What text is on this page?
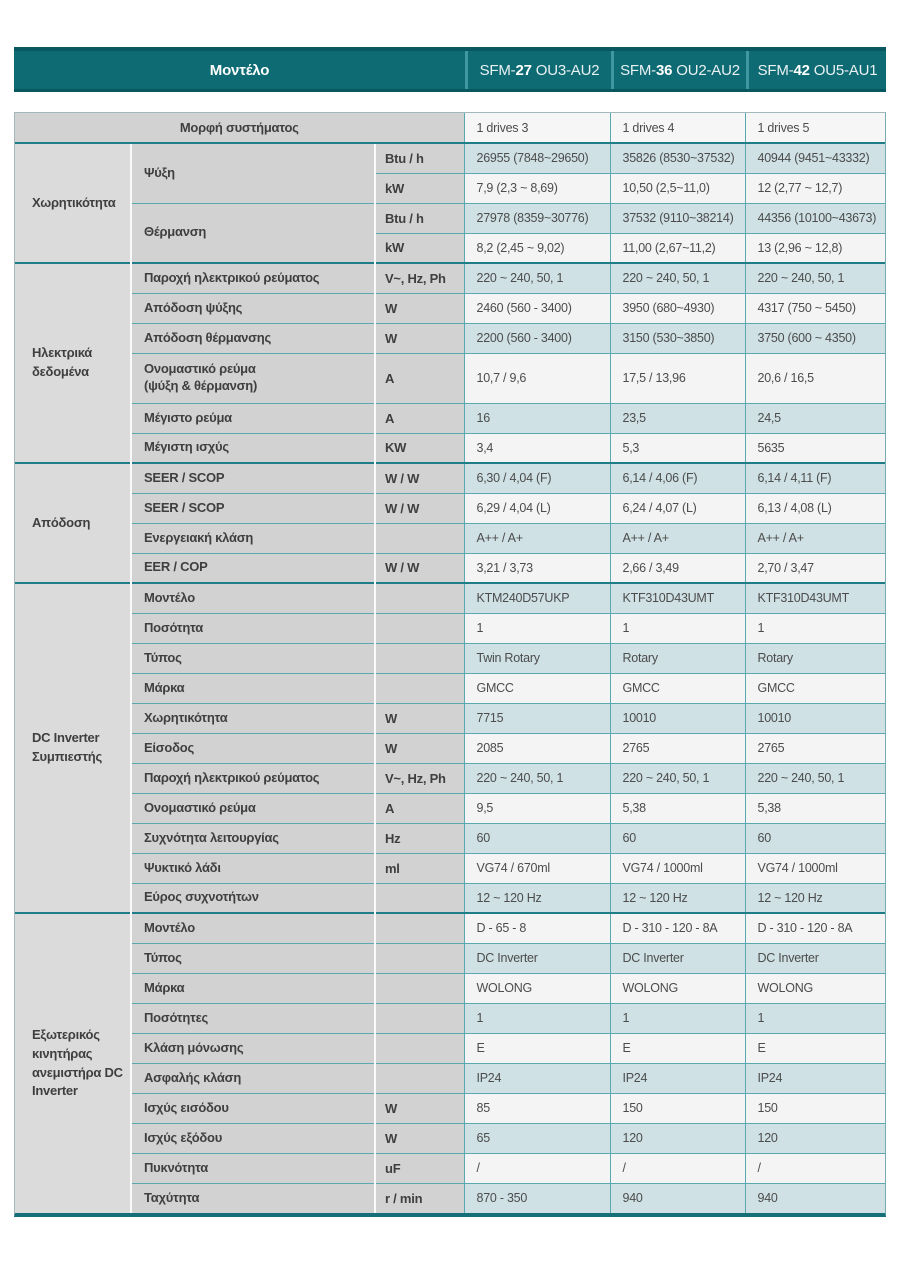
Μοντέλο	SFM- 27 OU3-AU2 SFM- 36 OU2-AU2 SFM- 42 OU5-AU1
Μορφή συστήματος			1 drives 3	1 drives 4	1 drives 5
Χωρητικότητα	Ψύξη	Btu / h	26955 (7848~29650)	35826 (8530~37532)	40944 (9451~43332)
		kW	7,9 (2,3 ~ 8,69)	10,50 (2,5~11,0)	12 (2,77 ~ 12,7)

	Θέρμανση	Btu / h	27978 (8359~30776)	37532 (9110~38214)	44356 (10100~43673)
		kW	8,2 (2,45 ~ 9,02)	11,00 (2,67~11,2)	13 (2,96 ~ 12,8)
Ηλεκτρικά δεδομένα	Παροχή ηλεκτρικού ρεύματος	V~, Hz, Ph	220 ~ 240, 50, 1	220 ~ 240, 50, 1	220 ~ 240, 50, 1

	Απόδοση ψύξης	W	2460 (560 - 3400)	3950 (680~4930)	4317 (750 ~ 5450)

	Απόδοση θέρμανσης	W	2200 (560 - 3400)	3150 (530~3850)	3750 (600 ~ 4350)

	Ονομαστικό ρεύμα
(ψύξη & θέρμανση)	A	10,7 / 9,6	17,5 / 13,96	20,6 / 16,5

	Μέγιστο ρεύμα	A	16	23,5	24,5

	Μέγιστη ισχύς	KW	3,4	5,3	5635
Απόδοση	SEER / SCOP	W / W	6,30 / 4,04 (F)	6,14 / 4,06 (F)	6,14 / 4,11 (F)

	SEER / SCOP	W / W	6,29 / 4,04 (L)	6,24 / 4,07 (L)	6,13 / 4,08 (L)

	Ενεργειακή κλάση		A++ / A+	A++ / A+	A++ / A+

	EER / COP	W / W	3,21 / 3,73	2,66 / 3,49	2,70 / 3,47
DC Inverter Συμπιεστής	Μοντέλο		KTM240D57UKP	KTF310D43UMT	KTF310D43UMT

	Ποσότητα		1	1	1

	Τύπος		Twin Rotary	Rotary	Rotary

	Μάρκα		GMCC	GMCC	GMCC

	Χωρητικότητα	W	7715	10010	10010

	Είσοδος	W	2085	2765	2765

	Παροχή ηλεκτρικού ρεύματος	V~, Hz, Ph	220 ~ 240, 50, 1	220 ~ 240, 50, 1	220 ~ 240, 50, 1

	Ονομαστικό ρεύμα	A	9,5	5,38	5,38

	Συχνότητα λειτουργίας	Hz	60	60	60

	Ψυκτικό λάδι	ml	VG74 / 670ml	VG74 / 1000ml	VG74 / 1000ml

	Εύρος συχνοτήτων		12 ~ 120 Hz	12 ~ 120 Hz	12 ~ 120 Hz
Εξωτερικός κινητήρας ανεμιστήρα DC Inverter	Μοντέλο		D - 65 - 8	D - 310 - 120 - 8A	D - 310 - 120 - 8A

	Τύπος		DC Inverter	DC Inverter	DC Inverter

	Μάρκα		WOLONG	WOLONG	WOLONG

	Ποσότητες		1	1	1

	Κλάση μόνωσης		E	E	E

	Ασφαλής κλάση		IP24	IP24	IP24

	Ισχύς εισόδου	W	85	150	150

	Ισχύς εξόδου	W	65	120	120

	Πυκνότητα	uF	/	/	/

	Ταχύτητα	r / min	870 - 350	940	940
